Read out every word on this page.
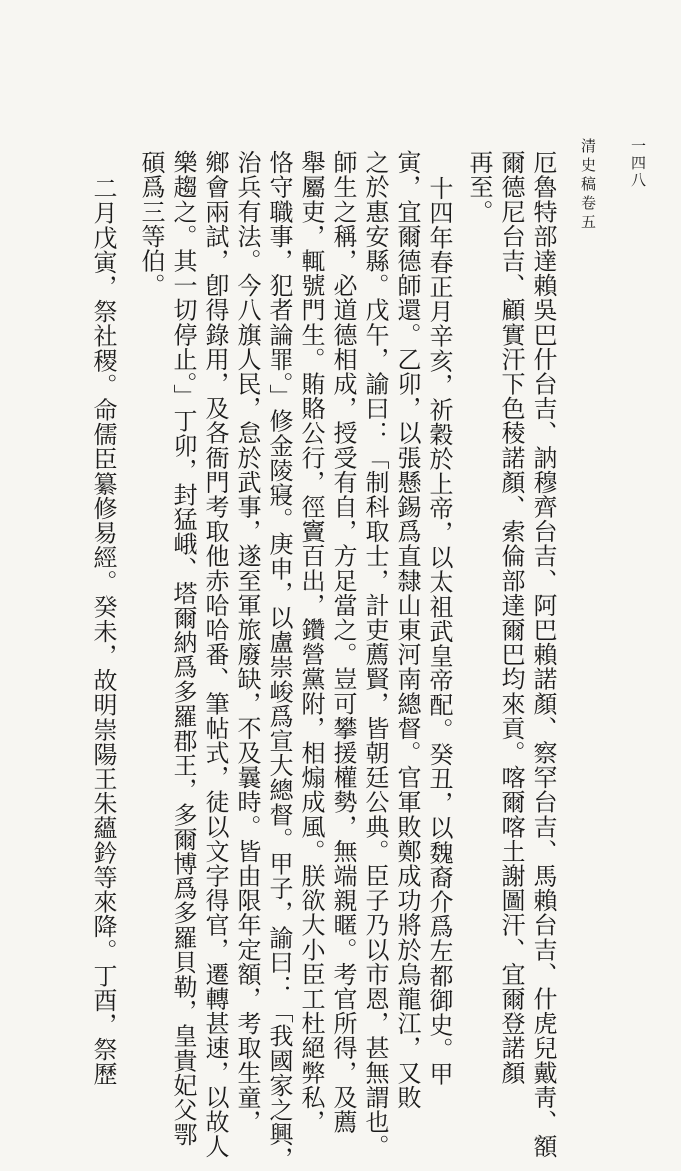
清史稿卷五 一四八
厄魯特部達賴吳巴什台吉、訥穆齊台吉、阿巴賴諾顏、察罕台吉、馬賴台吉、什虎兒戴靑、額
爾德尼台吉、顧實汗下色稜諾顏、索倫部達爾巴均來貢。喀爾喀土謝圖汗、宜爾登諾顏
再至。
十四年春正月辛亥，祈穀於上帝，以太祖武皇帝配。癸丑，以魏裔介爲左都御史。甲
寅，宜爾德師還。乙卯，以張懸錫爲直隸山東河南總督。官軍敗鄭成功將於烏龍江，又敗
之於惠安縣。戊午，諭曰：「制科取士，計吏薦賢，皆朝廷公典。臣子乃以市恩，甚無謂也。
師生之稱，必道德相成，授受有自，方足當之。豈可攀援權勢，無端親暱。考官所得，及薦
舉屬吏，輒號門生。賄賂公行，徑竇百出，鑽營黨附，相煽成風。朕欲大小臣工杜絕弊私，
恪守職事，犯者論罪。」修金陵寢。庚申，以盧崇峻爲宣大總督。甲子，諭曰：「我國家之興，
治兵有法。今八旗人民，怠於武事，遂至軍旅廢缺，不及曩時。皆由限年定額，考取生童，
鄉會兩試，卽得錄用，及各衙門考取他赤哈哈番、筆帖式，徒以文字得官，遷轉甚速，以故人
樂趨之。其一切停止。」丁卯，封猛峨、塔爾納爲多羅郡王，多爾博爲多羅貝勒，皇貴妃父鄂
碩爲三等伯。
二月戊寅，祭社稷。命儒臣纂修易經。癸未，故明崇陽王朱蘊鈐等來降。丁酉，祭歷
